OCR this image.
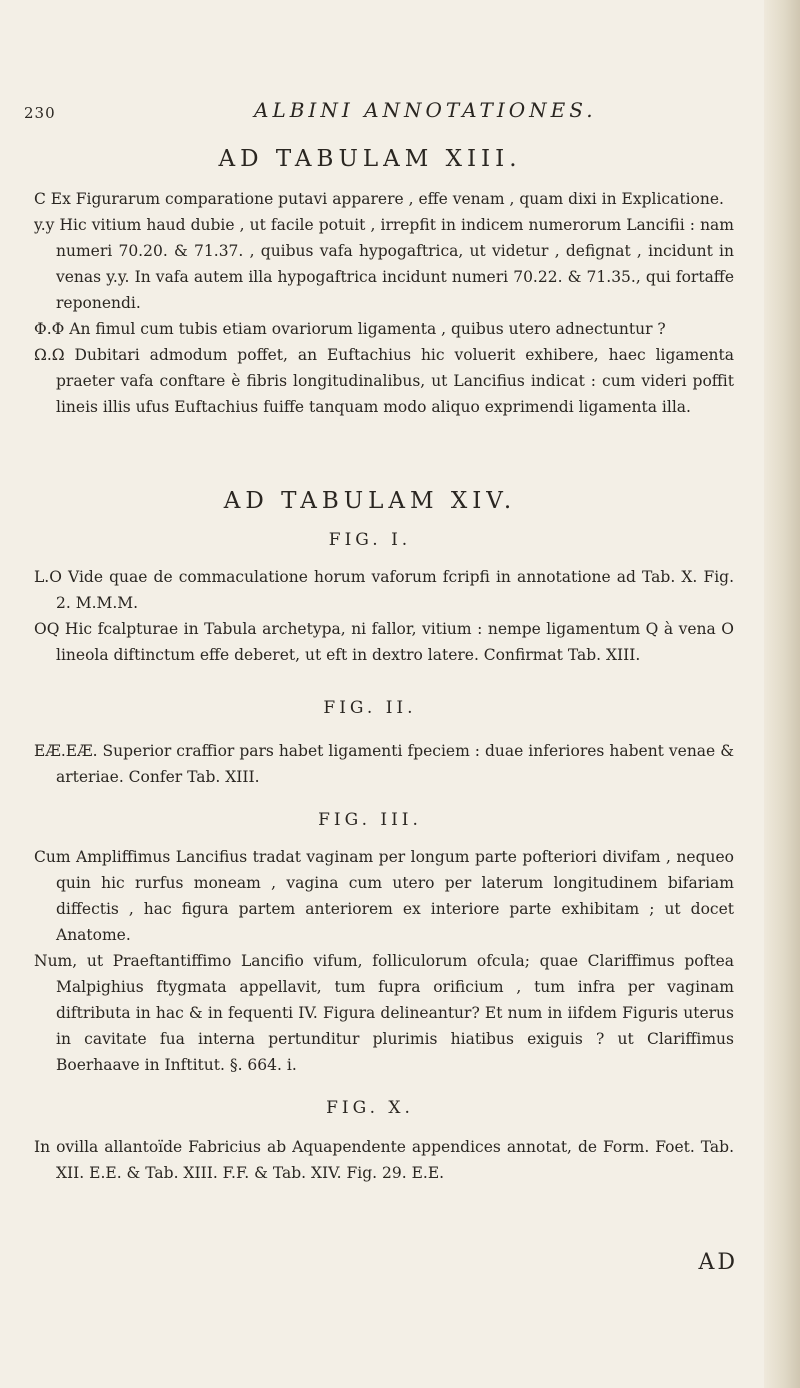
230	ALBINI ANNOTATIONES.
AD TABULAM XIII.
C Ex Figurarum comparatione putavi apparere , effe venam , quam dixi in Explicatione.
y.y Hic vitium haud dubie , ut facile potuit , irrepfit in indicem numerorum Lancifii : nam numeri 70.20. & 71.37. , quibus vafa hypogaftrica, ut videtur , defignat , incidunt in venas y.y. In vafa autem illa hypogaftrica incidunt numeri 70.22. & 71.35., qui fortaffe reponendi.
Φ.Φ An fimul cum tubis etiam ovariorum ligamenta , quibus utero adnectuntur ?
Ω.Ω Dubitari admodum poffet, an Euftachius hic voluerit exhibere, haec ligamenta praeter vafa conftare è fibris longitudinalibus, ut Lancifius indicat : cum videri poffit lineis illis ufus Euftachius fuiffe tanquam modo aliquo exprimendi ligamenta illa.
AD TABULAM XIV.
FIG. I.
L.O Vide quae de commaculatione horum vaforum fcripfi in annotatione ad Tab. X. Fig. 2. M.M.M.
OQ Hic fcalpturae in Tabula archetypa, ni fallor, vitium : nempe ligamentum Q à vena O lineola diftinctum effe deberet, ut eft in dextro latere. Confirmat Tab. XIII.
FIG. II.
EÆ.EÆ. Superior craffior pars habet ligamenti fpeciem : duae inferiores habent venae & arteriae. Confer Tab. XIII.
FIG. III.
Cum Ampliffimus Lancifius tradat vaginam per longum parte pofteriori divifam , nequeo quin hic rurfus moneam , vagina cum utero per laterum longitudinem bifariam diffectis , hac figura partem anteriorem ex interiore parte exhibitam ; ut docet Anatome.
Num, ut Praeftantiffimo Lancifio vifum, folliculorum ofcula; quae Clariffimus poftea Malpighius ftygmata appellavit, tum fupra orificium , tum infra per vaginam diftributa in hac & in fequenti IV. Figura delineantur? Et num in iifdem Figuris uterus in cavitate fua interna pertunditur plurimis hiatibus exiguis ? ut Clariffimus Boerhaave in Inftitut. §. 664. i.
FIG. X.
In ovilla allantoïde Fabricius ab Aquapendente appendices annotat, de Form. Foet. Tab. XII. E.E. & Tab. XIII. F.F. & Tab. XIV. Fig. 29. E.E.
AD
